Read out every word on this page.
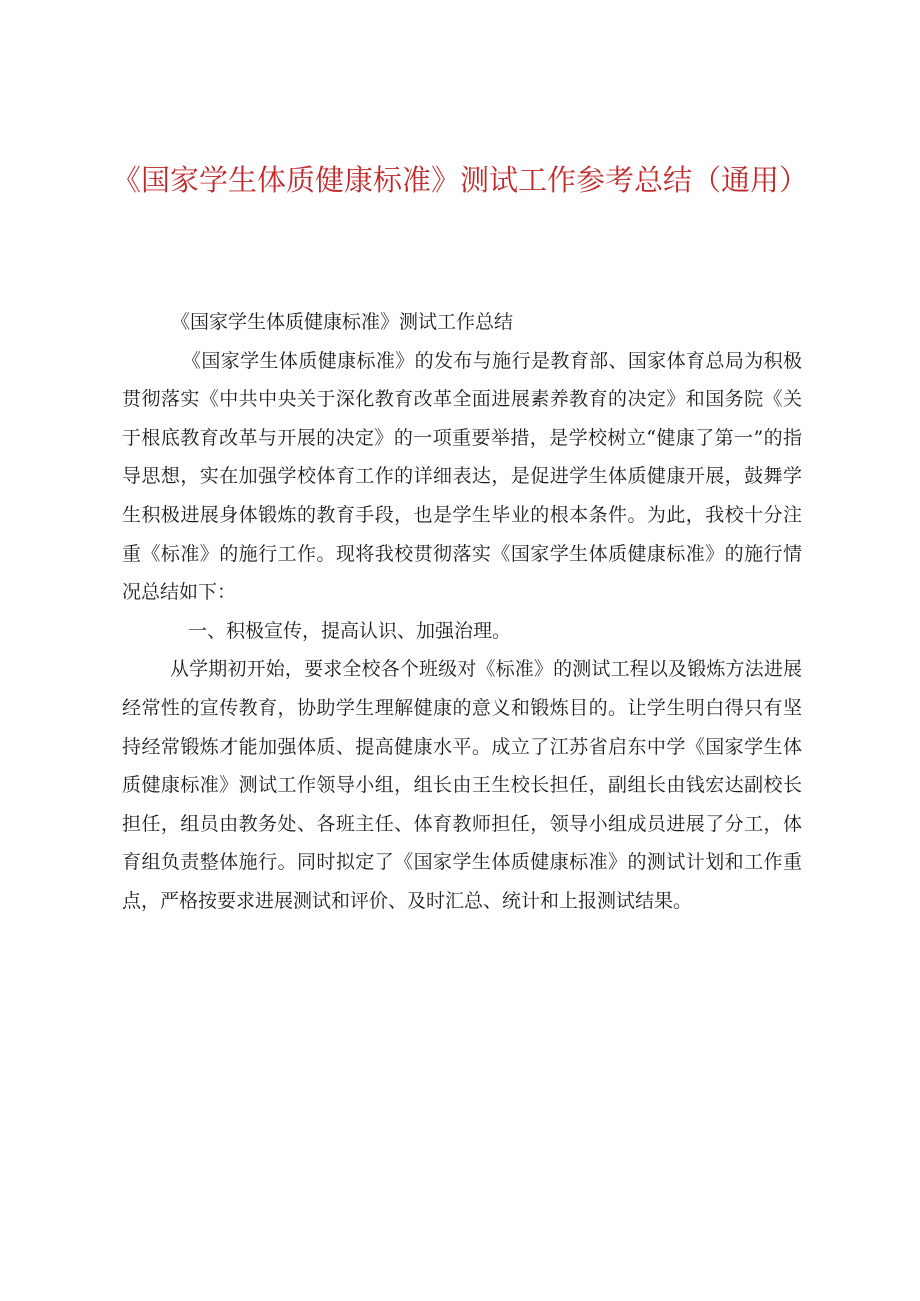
《国家学生体质健康标准》测试工作参考总结（通用）

《国家学生体质健康标准》测试工作总结

《国家学生体质健康标准》的发布与施行是教育部、国家体育总局为积极贯彻落实《中共中央关于深化教育改革全面进展素养教育的决定》和国务院《关于根底教育改革与开展的决定》的一项重要举措，是学校树立“健康了第一”的指导思想，实在加强学校体育工作的详细表达，是促进学生体质健康开展，鼓舞学生积极进展身体锻炼的教育手段，也是学生毕业的根本条件。为此，我校十分注重《标准》的施行工作。现将我校贯彻落实《国家学生体质健康标准》的施行情况总结如下：

一、积极宣传，提高认识、加强治理。

从学期初开始，要求全校各个班级对《标准》的测试工程以及锻炼方法进展经常性的宣传教育，协助学生理解健康的意义和锻炼目的。让学生明白得只有坚持经常锻炼才能加强体质、提高健康水平。成立了江苏省启东中学《国家学生体质健康标准》测试工作领导小组，组长由王生校长担任，副组长由钱宏达副校长担任，组员由教务处、各班主任、体育教师担任，领导小组成员进展了分工，体育组负责整体施行。同时拟定了《国家学生体质健康标准》的测试计划和工作重点，严格按要求进展测试和评价、及时汇总、统计和上报测试结果。
